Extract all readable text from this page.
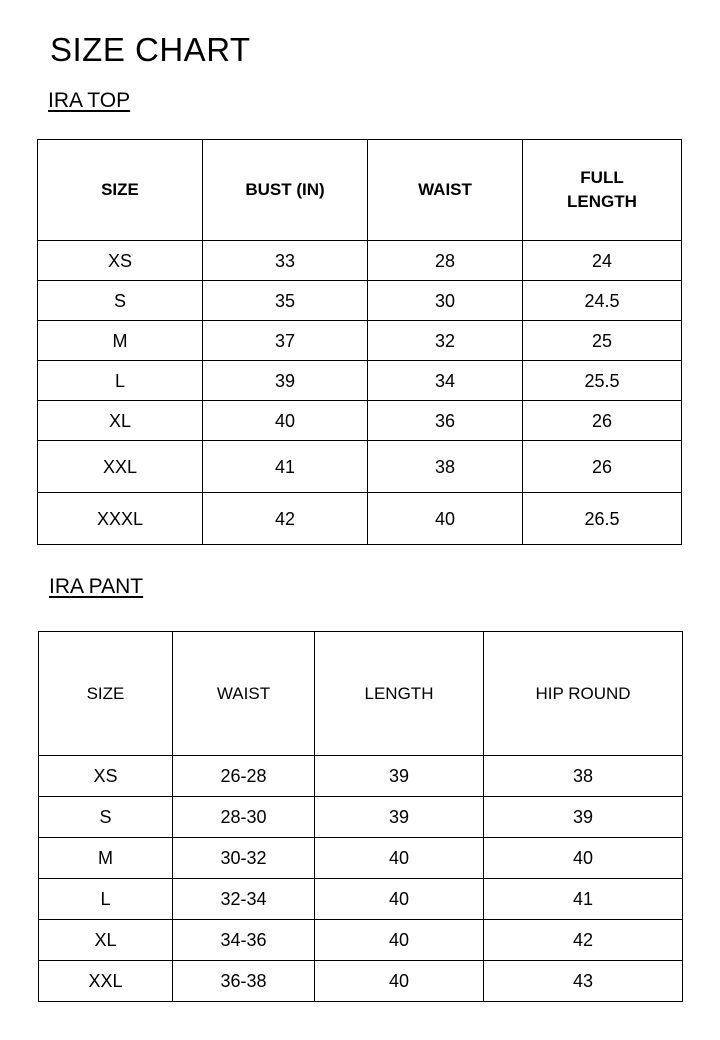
SIZE CHART
IRA TOP
SIZE	BUST (IN)	WAIST	FULL LENGTH
XS	33	28	24
S	35	30	24.5
M	37	32	25
L	39	34	25.5
XL	40	36	26
XXL	41	38	26
XXXL	42	40	26.5
IRA PANT
SIZE	WAIST	LENGTH	HIP ROUND
XS	26-28	39	38
S	28-30	39	39
M	30-32	40	40
L	32-34	40	41
XL	34-36	40	42
XXL	36-38	40	43
